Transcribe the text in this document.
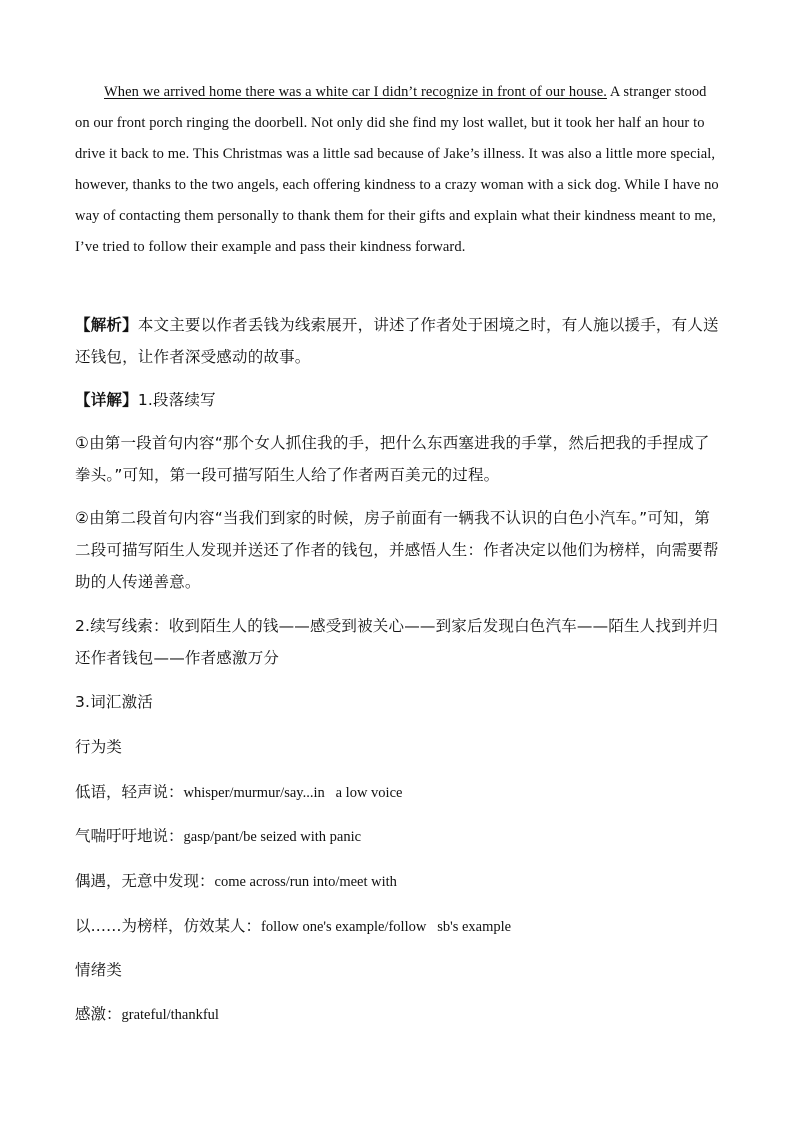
When we arrived home there was a white car I didn’t recognize in front of our house. A stranger stood on our front porch ringing the doorbell. Not only did she find my lost wallet, but it took her half an hour to drive it back to me. This Christmas was a little sad because of Jake’s illness. It was also a little more special, however, thanks to the two angels, each offering kindness to a crazy woman with a sick dog. While I have no way of contacting them personally to thank them for their gifts and explain what their kindness meant to me, I’ve tried to follow their example and pass their kindness forward.
【解析】本文主要以作者丢钱为线索展开，讲述了作者处于困境之时，有人施以援手，有人送还钱包，让作者深受感动的故事。
【详解】1.段落续写
①由第一段首句内容“那个女人抓住我的手，把什么东西塞进我的手掌，然后把我的手捏成了拳头。”可知，第一段可描写陌生人给了作者两百美元的过程。
②由第二段首句内容“当我们到家的时候，房子前面有一辆我不认识的白色小汽车。”可知，第二段可描写陌生人发现并送还了作者的钱包，并感悟人生：作者决定以他们为榜样，向需要帮助的人传递善意。
2.续写线索：收到陌生人的钱——感受到被关心——到家后发现白色汽车——陌生人找到并归还作者钱包——作者感激万分
3.词汇激活
行为类
低语，轻声说：whisper/murmur/say...in   a low voice
气喘吁吁地说：gasp/pant/be seized with panic
偶遇，无意中发现：come across/run into/meet with
以……为榜样，仿效某人：follow one's example/follow   sb's example
情绪类
感激：grateful/thankful
